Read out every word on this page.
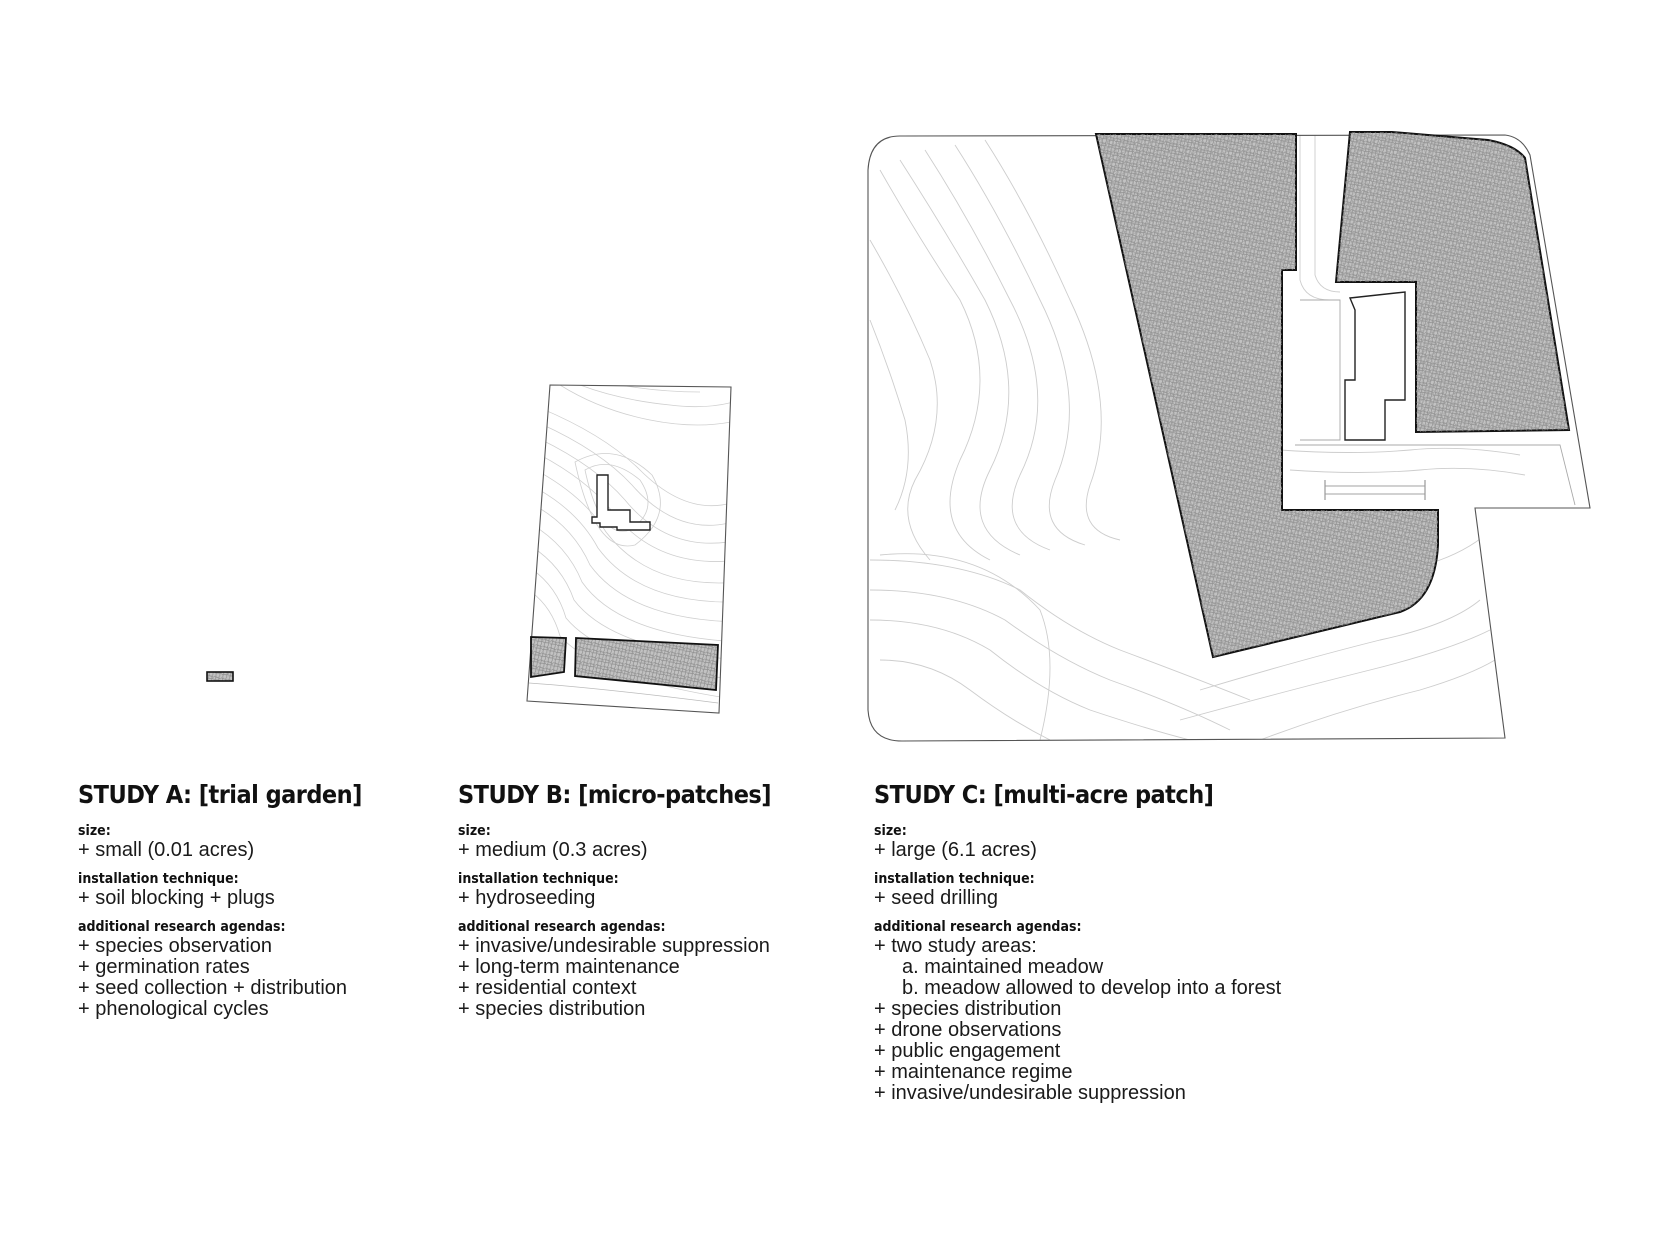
STUDY A: [trial garden]
size:
+ small (0.01 acres)
installation technique:
+ soil blocking + plugs
additional research agendas:
+ species observation
+ germination rates
+ seed collection + distribution
+ phenological cycles
STUDY B: [micro-patches]
size:
+ medium (0.3 acres)
installation technique:
+ hydroseeding
additional research agendas:
+ invasive/undesirable suppression
+ long-term maintenance
+ residential context
+ species distribution
STUDY C: [multi-acre patch]
size:
+ large (6.1 acres)
installation technique:
+ seed drilling
additional research agendas:
+ two study areas:
a. maintained meadow
b. meadow allowed to develop into a forest
+ species distribution
+ drone observations
+ public engagement
+ maintenance regime
+ invasive/undesirable suppression
